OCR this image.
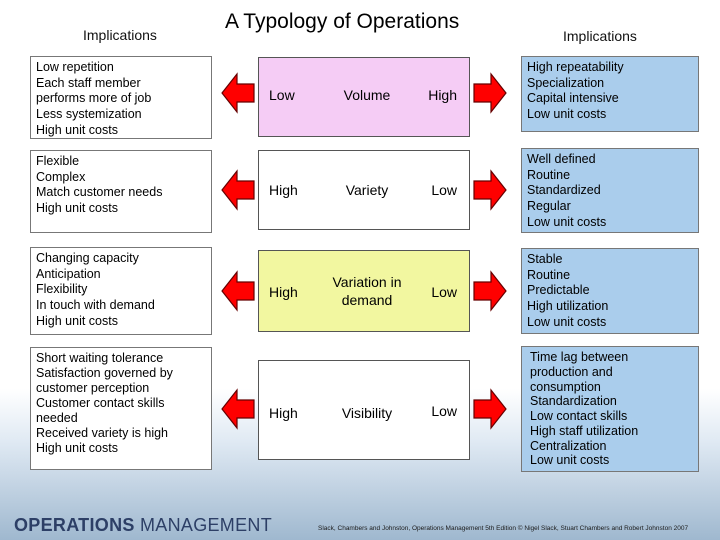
Implications
A Typology of Operations
Implications
Low repetition
Each staff member
performs more of job
Less systemization
High unit costs
Low	Volume	High
High repeatability
Specialization
Capital intensive
Low unit costs
Flexible
Complex
Match customer needs
High unit costs
High	Variety	Low
Well defined
Routine
Standardized
Regular
Low unit costs
Changing capacity
Anticipation
Flexibility
In touch with demand
High unit costs
High
Variation in demand	Low
Stable
Routine
Predictable
High utilization
Low unit costs
Short waiting tolerance
Satisfaction governed by
customer perception
Customer contact skills
needed
Received variety is high
High unit costs
High	Visibility	Low
Time lag between
production and
consumption
Standardization
Low contact skills
High staff utilization
Centralization
Low unit costs
OPERATIONS MANAGEMENT	Slack, Chambers and Johnston, Operations Management 5th Edition © Nigel Slack, Stuart Chambers and Robert Johnston 2007
